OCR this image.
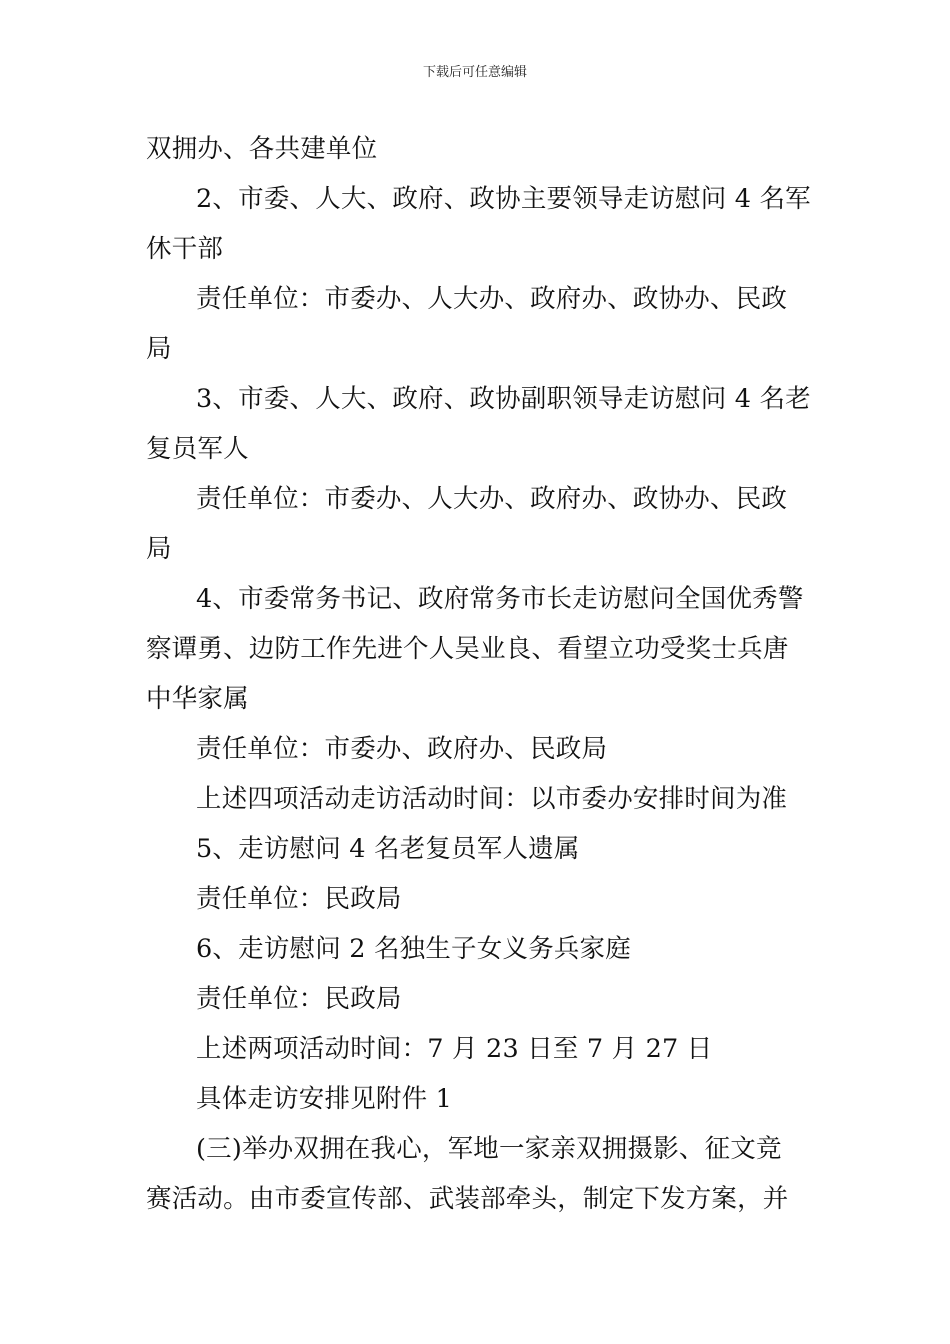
下载后可任意编辑
双拥办、各共建单位
2、市委、人大、政府、政协主要领导走访慰问 4 名军
休干部
责任单位：市委办、人大办、政府办、政协办、民政
局
3、市委、人大、政府、政协副职领导走访慰问 4 名老
复员军人
责任单位：市委办、人大办、政府办、政协办、民政
局
4、市委常务书记、政府常务市长走访慰问全国优秀警
察谭勇、边防工作先进个人吴业良、看望立功受奖士兵唐
中华家属
责任单位：市委办、政府办、民政局
上述四项活动走访活动时间：以市委办安排时间为准
5、走访慰问 4 名老复员军人遗属
责任单位：民政局
6、走访慰问 2 名独生子女义务兵家庭
责任单位：民政局
上述两项活动时间：7 月 23 日至 7 月 27 日
具体走访安排见附件 1
(三)举办双拥在我心，军地一家亲双拥摄影、征文竞
赛活动。由市委宣传部、武装部牵头，制定下发方案，并
